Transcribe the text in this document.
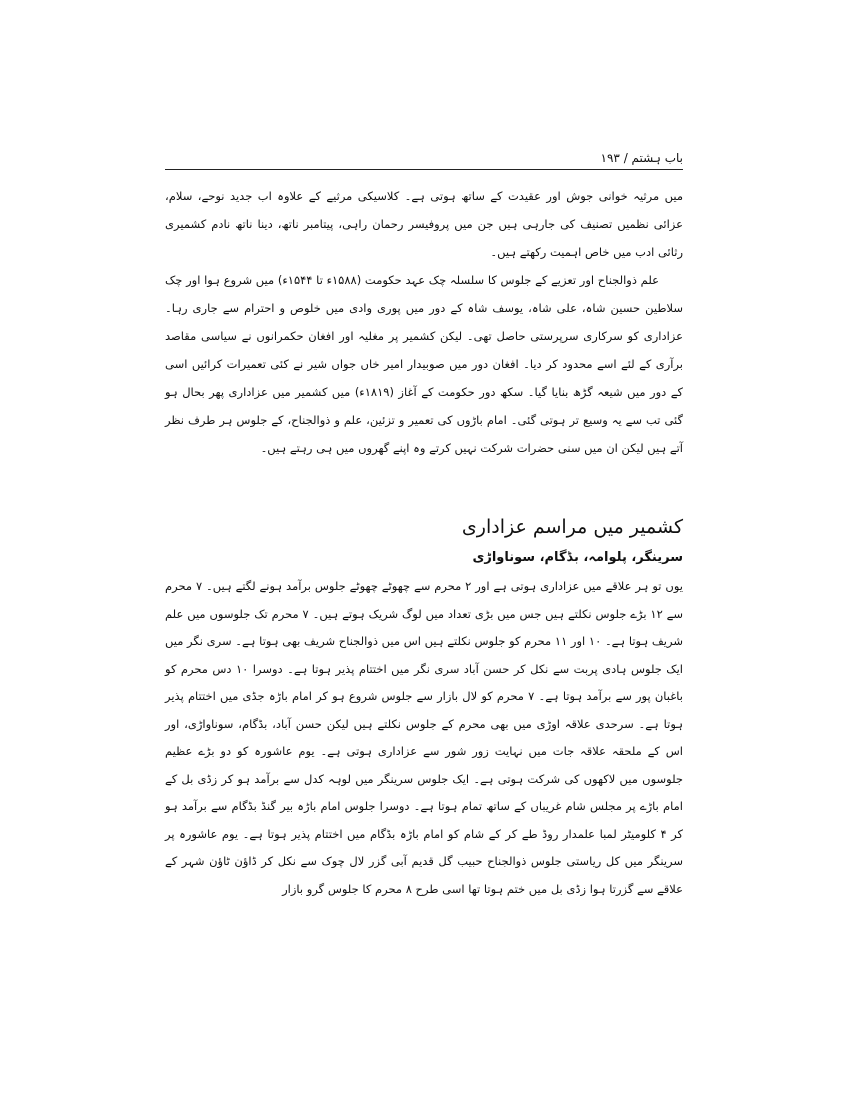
باب ہشتم / ۱۹۳

میں مرثیہ خوانی جوش اور عقیدت کے ساتھ ہوتی ہے۔ کلاسیکی مرثیے کے علاوہ اب جدید نوحے، سلام، عزائی نظمیں تصنیف کی جارہی ہیں جن میں پروفیسر رحمان راہی، پیتامبر ناتھ، دینا ناتھ نادم کشمیری رثائی ادب میں خاص اہمیت رکھتے ہیں۔

علم ذوالجناح اور تعزیے کے جلوس کا سلسلہ چک عہد حکومت (۱۵۸۸ء تا ۱۵۴۴ء) میں شروع ہوا اور چک سلاطین حسین شاہ، علی شاہ، یوسف شاہ کے دور میں پوری وادی میں خلوص و احترام سے جاری رہا۔ عزاداری کو سرکاری سرپرستی حاصل تھی۔ لیکن کشمیر پر مغلیہ اور افغان حکمرانوں نے سیاسی مقاصد برآری کے لئے اسے محدود کر دیا۔ افغان دور میں صوبیدار امیر خاں جواں شیر نے کئی تعمیرات کرائیں اسی کے دور میں شیعہ گڑھ بنایا گیا۔ سکھ دور حکومت کے آغاز (۱۸۱۹ء) میں کشمیر میں عزاداری پھر بحال ہو گئی تب سے یہ وسیع تر ہوتی گئی۔ امام باڑوں کی تعمیر و تزئین، علم و ذوالجناح، کے جلوس ہر طرف نظر آتے ہیں لیکن ان میں سنی حضرات شرکت نہیں کرتے وہ اپنے گھروں میں ہی رہتے ہیں۔

کشمیر میں مراسم عزاداری
سرینگر، پلوامہ، بڈگام، سوناواڑی

یوں تو ہر علاقے میں عزاداری ہوتی ہے اور ۲ محرم سے چھوٹے چھوٹے جلوس برآمد ہونے لگتے ہیں۔ ۷ محرم سے ۱۲ بڑے جلوس نکلتے ہیں جس میں بڑی تعداد میں لوگ شریک ہوتے ہیں۔ ۷ محرم تک جلوسوں میں علم شریف ہوتا ہے۔ ۱۰ اور ۱۱ محرم کو جلوس نکلتے ہیں اس میں ذوالجناح شریف بھی ہوتا ہے۔ سری نگر میں ایک جلوس ہادی پربت سے نکل کر حسن آباد سری نگر میں اختتام پذیر ہوتا ہے۔ دوسرا ۱۰ دس محرم کو باغبان پور سے برآمد ہوتا ہے۔ ۷ محرم کو لال بازار سے جلوس شروع ہو کر امام باڑہ جڈی میں اختتام پذیر ہوتا ہے۔ سرحدی علاقہ اوڑی میں بھی محرم کے جلوس نکلتے ہیں لیکن حسن آباد، بڈگام، سوناواڑی، اور اس کے ملحقہ علاقہ جات میں نہایت زور شور سے عزاداری ہوتی ہے۔ یوم عاشورہ کو دو بڑے عظیم جلوسوں میں لاکھوں کی شرکت ہوتی ہے۔ ایک جلوس سرینگر میں لوہہ کدل سے برآمد ہو کر زڈی بل کے امام باڑے پر مجلس شام غریباں کے ساتھ تمام ہوتا ہے۔ دوسرا جلوس امام باڑہ بیر گنڈ بڈگام سے برآمد ہو کر ۴ کلومیٹر لمبا علمدار روڈ طے کر کے شام کو امام باڑہ بڈگام میں اختتام پذیر ہوتا ہے۔ یوم عاشورہ پر سرینگر میں کل ریاستی جلوس ذوالجناح حبیب گل قدیم آبی گزر لال چوک سے نکل کر ڈاؤن ٹاؤن شہر کے علاقے سے گزرتا ہوا زڈی بل میں ختم ہوتا تھا اسی طرح ۸ محرم کا جلوس گرو بازار
